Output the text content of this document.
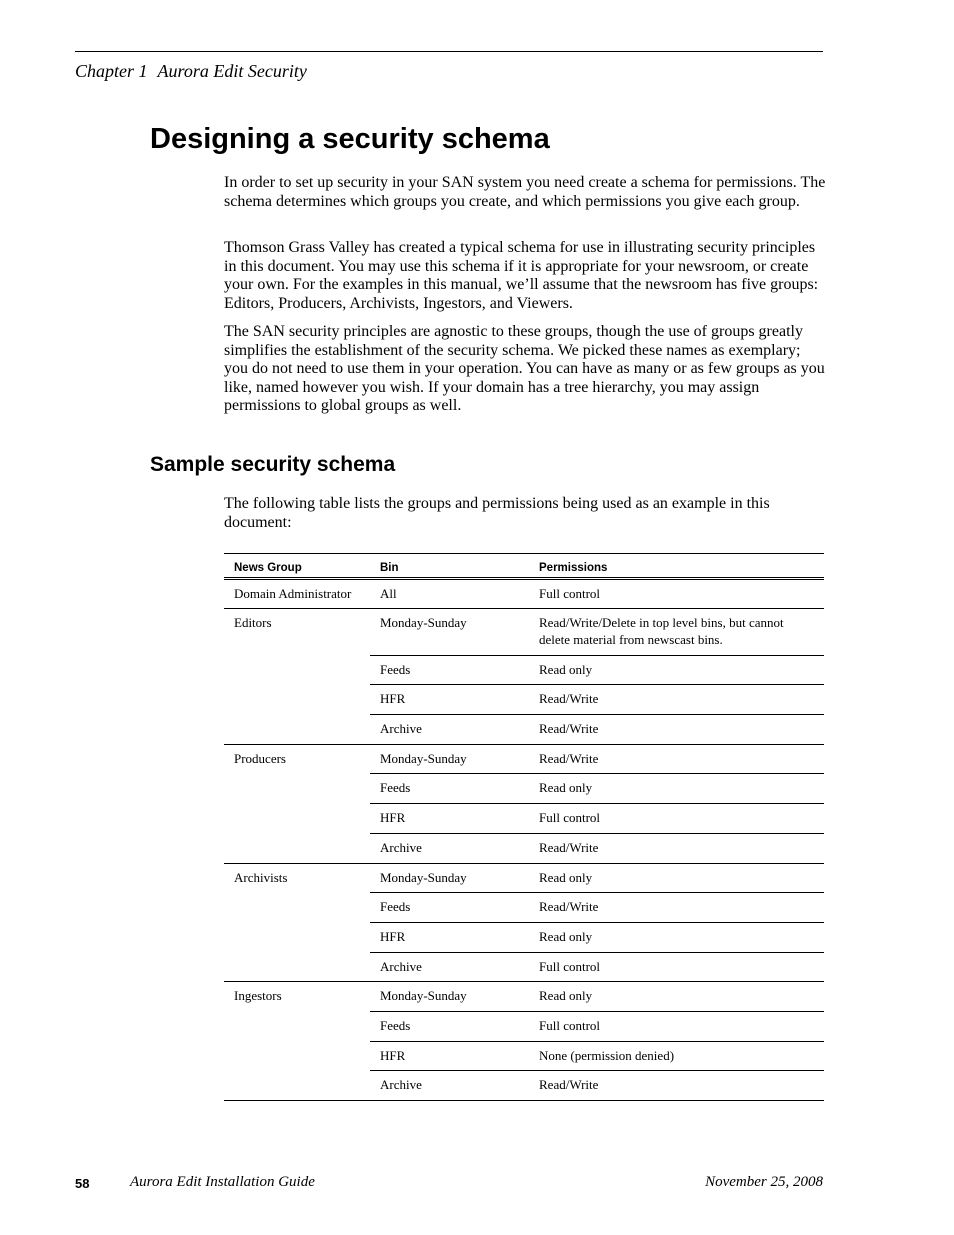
Chapter 1 Aurora Edit Security
Designing a security schema

In order to set up security in your SAN system you need create a schema for permissions. The schema determines which groups you create, and which permissions you give each group.

Thomson Grass Valley has created a typical schema for use in illustrating security principles in this document. You may use this schema if it is appropriate for your newsroom, or create your own. For the examples in this manual, we’ll assume that the newsroom has five groups: Editors, Producers, Archivists, Ingestors, and Viewers.

The SAN security principles are agnostic to these groups, though the use of groups greatly simplifies the establishment of the security schema. We picked these names as exemplary; you do not need to use them in your operation. You can have as many or as few groups as you like, named however you wish. If your domain has a tree hierarchy, you may assign permissions to global groups as well.

Sample security schema

The following table lists the groups and permissions being used as an example in this document:

News Group	Bin	Permissions
Domain Administrator	All	Full control
Editors	Monday-Sunday	Read/Write/Delete in top level bins, but cannot delete material from newscast bins.
	Feeds	Read only
	HFR	Read/Write
	Archive	Read/Write
Producers	Monday-Sunday	Read/Write
	Feeds	Read only
	HFR	Full control
	Archive	Read/Write
Archivists	Monday-Sunday	Read only
	Feeds	Read/Write
	HFR	Read only
	Archive	Full control
Ingestors	Monday-Sunday	Read only
	Feeds	Full control
	HFR	None (permission denied)
	Archive	Read/Write
58	Aurora Edit Installation Guide	November 25, 2008
